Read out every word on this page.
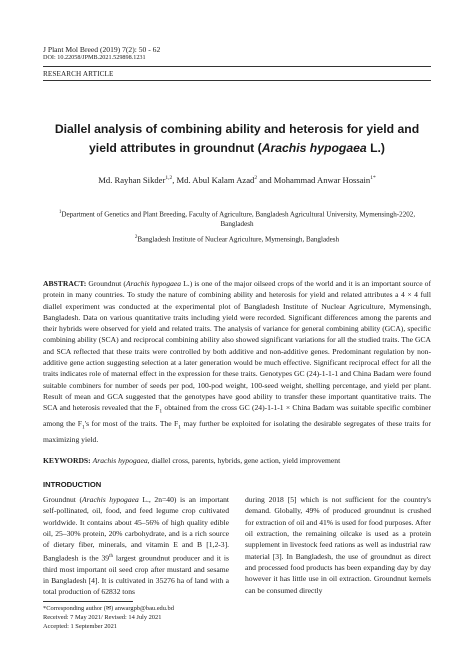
J Plant Mol Breed (2019) 7(2): 50 - 62
DOI: 10.22058/JPMB.2021.529898.1231
RESEARCH ARTICLE
Diallel analysis of combining ability and heterosis for yield and yield attributes in groundnut (Arachis hypogaea L.)
Md. Rayhan Sikder$^{1,2}$, Md. Abul Kalam Azad$^2$ and Mohammad Anwar Hossain$^{1*}$
$^1$Department of Genetics and Plant Breeding, Faculty of Agriculture, Bangladesh Agricultural University, Mymensingh-2202, Bangladesh
$^2$Bangladesh Institute of Nuclear Agriculture, Mymensingh, Bangladesh
ABSTRACT: Groundnut (Arachis hypogaea L.) is one of the major oilseed crops of the world and it is an important source of protein in many countries. To study the nature of combining ability and heterosis for yield and related attributes a 4 × 4 full diallel experiment was conducted at the experimental plot of Bangladesh Institute of Nuclear Agriculture, Mymensingh, Bangladesh. Data on various quantitative traits including yield were recorded. Significant differences among the parents and their hybrids were observed for yield and related traits. The analysis of variance for general combining ability (GCA), specific combining ability (SCA) and reciprocal combining ability also showed significant variations for all the studied traits. The GCA and SCA reflected that these traits were controlled by both additive and non-additive genes. Predominant regulation by non-additive gene action suggesting selection at a later generation would be much effective. Significant reciprocal effect for all the traits indicates role of maternal effect in the expression for these traits. Genotypes GC (24)-1-1-1 and China Badam were found suitable combiners for number of seeds per pod, 100-pod weight, 100-seed weight, shelling percentage, and yield per plant. Result of mean and GCA suggested that the genotypes have good ability to transfer these important quantitative traits. The SCA and heterosis revealed that the $F_1$ obtained from the cross GC (24)-1-1-1 × China Badam was suitable specific combiner among the $F_1's$ for most of the traits. The $F_1$ may further be exploited for isolating the desirable segregates of these traits for maximizing yield.
KEYWORDS: Arachis hypogaea, diallel cross, parents, hybrids, gene action, yield improvement
INTRODUCTION
Groundnut (Arachis hypogaea L., 2n=40) is an important self-pollinated, oil, food, and feed legume crop cultivated worldwide. It contains about 45–56% of high quality edible oil, 25–30% protein, 20% carbohydrate, and is a rich source of dietary fiber, minerals, and vitamin E and B [1,2-3]. Bangladesh is the 39th largest groundnut producer and it is third most important oil seed crop after mustard and sesame in Bangladesh [4]. It is cultivated in 35276 ha of land with a total production of 62832 tons
during 2018 [5] which is not sufficient for the country's demand. Globally, 49% of produced groundnut is crushed for extraction of oil and 41% is used for food purposes. After oil extraction, the remaining oilcake is used as a protein supplement in livestock feed rations as well as industrial raw material [3]. In Bangladesh, the use of groundnut as direct and processed food products has been expanding day by day however it has little use in oil extraction. Groundnut kernels can be consumed directly
*Corresponding author (✉) anwargpb@bau.edu.bd
Received: 7 May 2021/ Revised: 14 July 2021
Accepted: 1 September 2021
